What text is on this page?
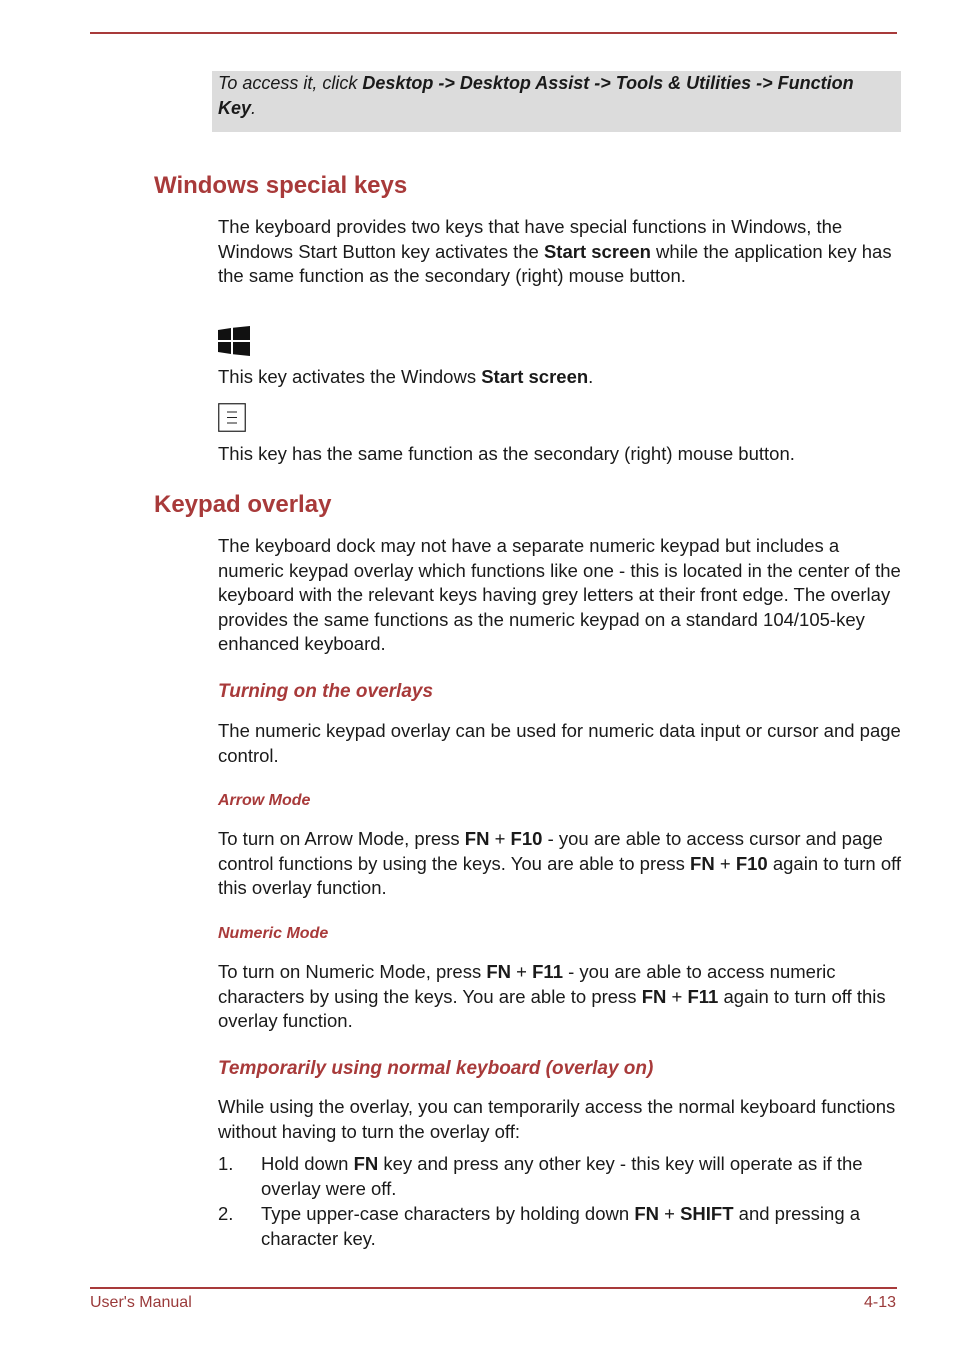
To access it, click Desktop -> Desktop Assist -> Tools & Utilities -> Function Key.

Windows special keys

The keyboard provides two keys that have special functions in Windows, the Windows Start Button key activates the Start screen while the application key has the same function as the secondary (right) mouse button.

This key activates the Windows Start screen.

This key has the same function as the secondary (right) mouse button.

Keypad overlay

The keyboard dock may not have a separate numeric keypad but includes a numeric keypad overlay which functions like one - this is located in the center of the keyboard with the relevant keys having grey letters at their front edge. The overlay provides the same functions as the numeric keypad on a standard 104/105-key enhanced keyboard.

Turning on the overlays

The numeric keypad overlay can be used for numeric data input or cursor and page control.

Arrow Mode

To turn on Arrow Mode, press FN + F10 - you are able to access cursor and page control functions by using the keys. You are able to press FN + F10 again to turn off this overlay function.

Numeric Mode

To turn on Numeric Mode, press FN + F11 - you are able to access numeric characters by using the keys. You are able to press FN + F11 again to turn off this overlay function.

Temporarily using normal keyboard (overlay on)

While using the overlay, you can temporarily access the normal keyboard functions without having to turn the overlay off:

1. Hold down FN key and press any other key - this key will operate as if the overlay were off.
2. Type upper-case characters by holding down FN + SHIFT and pressing a character key.
User's Manual	4-13
